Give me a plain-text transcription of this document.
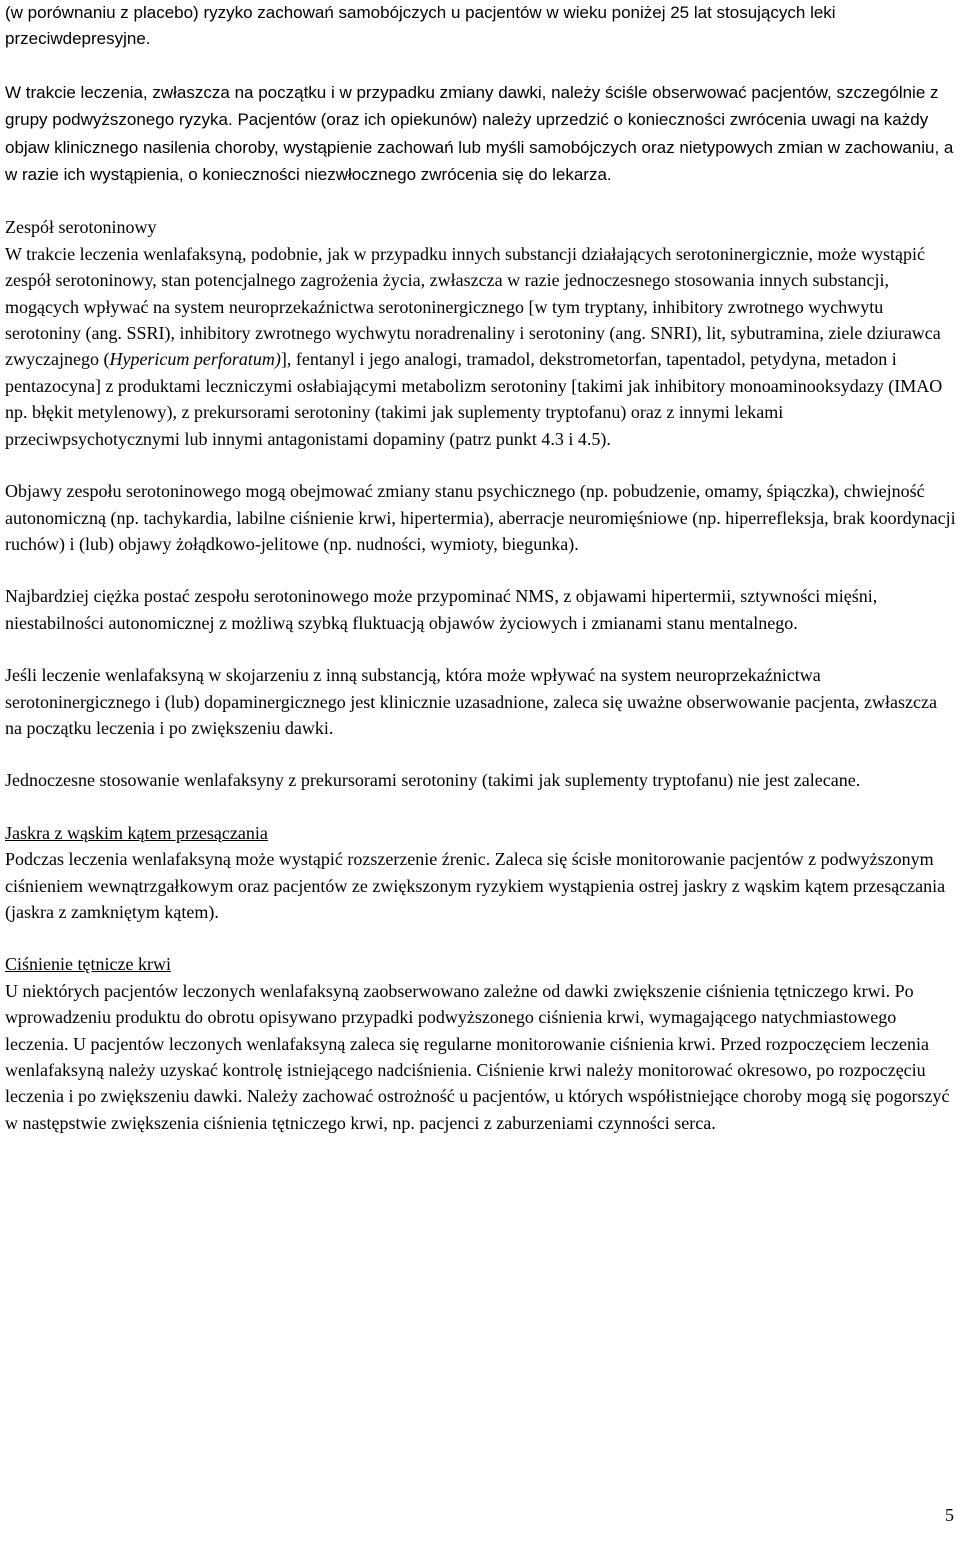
(w porównaniu z placebo) ryzyko zachowań samobójczych u pacjentów w wieku poniżej 25 lat stosujących leki przeciwdepresyjne.

W trakcie leczenia, zwłaszcza na początku i w przypadku zmiany dawki, należy ściśle obserwować pacjentów, szczególnie z grupy podwyższonego ryzyka. Pacjentów (oraz ich opiekunów) należy uprzedzić o konieczności zwrócenia uwagi na każdy objaw klinicznego nasilenia choroby, wystąpienie zachowań lub myśli samobójczych oraz nietypowych zmian w zachowaniu, a w razie ich wystąpienia, o konieczności niezwłocznego zwrócenia się do lekarza.

Zespół serotoninowy

W trakcie leczenia wenlafaksyną, podobnie, jak w przypadku innych substancji działających serotoninergicznie, może wystąpić zespół serotoninowy, stan potencjalnego zagrożenia życia, zwłaszcza w razie jednoczesnego stosowania innych substancji, mogących wpływać na system neuroprzekaźnictwa serotoninergicznego [w tym tryptany, inhibitory zwrotnego wychwytu serotoniny (ang. SSRI), inhibitory zwrotnego wychwytu noradrenaliny i serotoniny (ang. SNRI), lit, sybutramina, ziele dziurawca zwyczajnego (Hypericum perforatum)], fentanyl i jego analogi, tramadol, dekstrometorfan, tapentadol, petydyna, metadon i pentazocyna] z produktami leczniczymi osłabiającymi metabolizm serotoniny [takimi jak inhibitory monoaminooksydazy (IMAO np. błękit metylenowy), z prekursorami serotoniny (takimi jak suplementy tryptofanu) oraz z innymi lekami przeciwpsychotycznymi lub innymi antagonistami dopaminy (patrz punkt 4.3 i 4.5).

Objawy zespołu serotoninowego mogą obejmować zmiany stanu psychicznego (np. pobudzenie, omamy, śpiączka), chwiejność autonomiczną (np. tachykardia, labilne ciśnienie krwi, hipertermia), aberracje neuromięśniowe (np. hiperrefleksja, brak koordynacji ruchów) i (lub) objawy żołądkowo-jelitowe (np. nudności, wymioty, biegunka).

Najbardziej ciężka postać zespołu serotoninowego może przypominać NMS, z objawami hipertermii, sztywności mięśni, niestabilności autonomicznej z możliwą szybką fluktuacją objawów życiowych i zmianami stanu mentalnego.

Jeśli leczenie wenlafaksyną w skojarzeniu z inną substancją, która może wpływać na system neuroprzekaźnictwa serotoninergicznego i (lub) dopaminergicznego jest klinicznie uzasadnione, zaleca się uważne obserwowanie pacjenta, zwłaszcza na początku leczenia i po zwiększeniu dawki.

Jednoczesne stosowanie wenlafaksyny z prekursorami serotoniny (takimi jak suplementy tryptofanu) nie jest zalecane.

Jaskra z wąskim kątem przesączania

Podczas leczenia wenlafaksyną może wystąpić rozszerzenie źrenic. Zaleca się ścisłe monitorowanie pacjentów z podwyższonym ciśnieniem wewnątrzgałkowym oraz pacjentów ze zwiększonym ryzykiem wystąpienia ostrej jaskry z wąskim kątem przesączania (jaskra z zamkniętym kątem).

Ciśnienie tętnicze krwi

U niektórych pacjentów leczonych wenlafaksyną zaobserwowano zależne od dawki zwiększenie ciśnienia tętniczego krwi. Po wprowadzeniu produktu do obrotu opisywano przypadki podwyższonego ciśnienia krwi, wymagającego natychmiastowego leczenia. U pacjentów leczonych wenlafaksyną zaleca się regularne monitorowanie ciśnienia krwi. Przed rozpoczęciem leczenia wenlafaksyną należy uzyskać kontrolę istniejącego nadciśnienia. Ciśnienie krwi należy monitorować okresowo, po rozpoczęciu leczenia i po zwiększeniu dawki. Należy zachować ostrożność u pacjentów, u których współistniejące choroby mogą się pogorszyć w następstwie zwiększenia ciśnienia tętniczego krwi, np. pacjenci z zaburzeniami czynności serca.

5
